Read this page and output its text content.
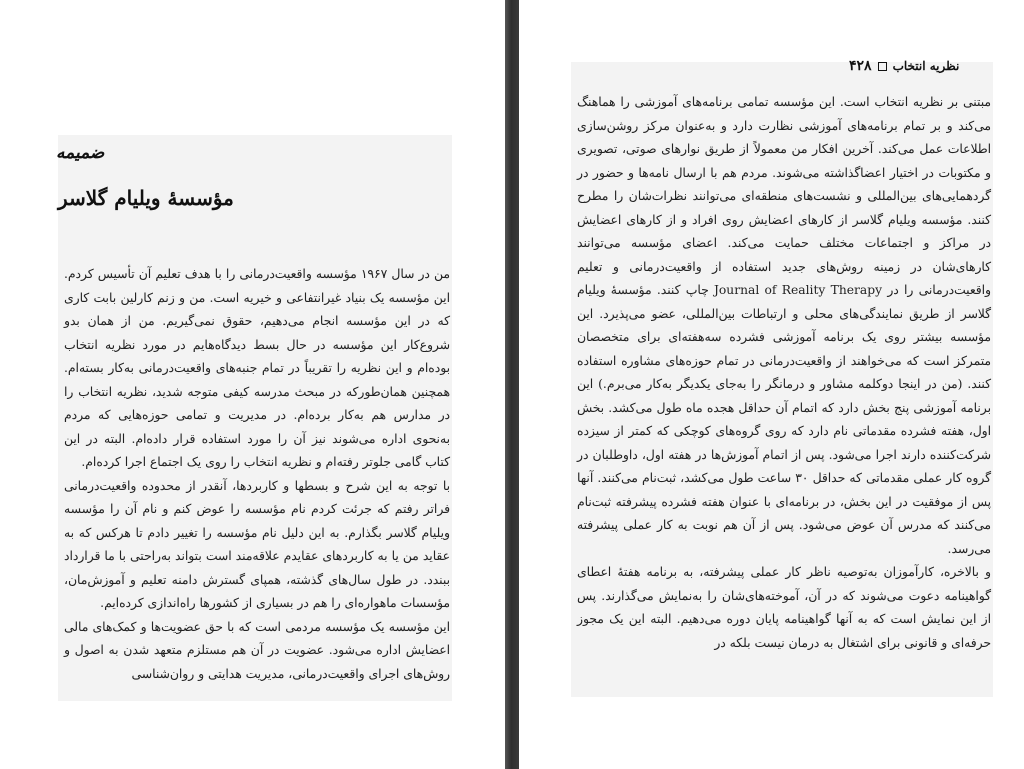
ضمیمه
مؤسسهٔ ویلیام گلاسر

من در سال ۱۹۶۷ مؤسسه واقعیت‌درمانی را با هدف تعلیم آن تأسیس کردم. این مؤسسه یک بنیاد غیرانتفاعی و خیریه است. من و زنم کارلین بابت کاری که در این مؤسسه انجام می‌دهیم، حقوق نمی‌گیریم. من از همان بدو شروع‌کار این مؤسسه در حال بسط دیدگاه‌هایم در مورد نظریه انتخاب بوده‌ام و این نظریه را تقریباً در تمام جنبه‌های واقعیت‌درمانی به‌کار بسته‌ام. همچنین همان‌طورکه در مبحث مدرسه کیفی متوجه شدید، نظریه انتخاب را در مدارس هم به‌کار برده‌ام. در مدیریت و تمامی حوزه‌هایی که مردم به‌نحوی اداره می‌شوند نیز آن را مورد استفاده قرار داده‌ام. البته در این کتاب گامی جلوتر رفته‌ام و نظریه انتخاب را روی یک اجتماع اجرا کرده‌ام.

با توجه به این شرح و بسطها و کاربردها، آنقدر از محدوده واقعیت‌درمانی فراتر رفتم که جرئت کردم نام مؤسسه را عوض کنم و نام آن را مؤسسه ویلیام گلاسر بگذارم. به این دلیل نام مؤسسه را تغییر دادم تا هرکس که به عقاید من یا به کاربردهای عقایدم علاقه‌مند است بتواند به‌راحتی با ما قرارداد ببندد. در طول سال‌های گذشته، همپای گسترش دامنه تعلیم و آموزش‌مان، مؤسسات ماهواره‌ای را هم در بسیاری از کشورها راه‌اندازی کرده‌ایم.

این مؤسسه یک مؤسسه مردمی است که با حق عضویت‌ها و کمک‌های مالی اعضایش اداره می‌شود. عضویت در آن هم مستلزم متعهد شدن به اصول و روش‌های اجرای واقعیت‌درمانی، مدیریت هدایتی و روان‌شناسی

نظریه انتخاب
۴۲۸

مبتنی بر نظریه انتخاب است. این مؤسسه تمامی برنامه‌های آموزشی را هماهنگ می‌کند و بر تمام برنامه‌های آموزشی نظارت دارد و به‌عنوان مرکز روشن‌سازی اطلاعات عمل می‌کند. آخرین افکار من معمولاً از طریق نوارهای صوتی، تصویری و مکتوبات در اختیار اعضاگذاشته می‌شوند. مردم هم با ارسال نامه‌ها و حضور در گردهمایی‌های بین‌المللی و نشست‌های منطقه‌ای می‌توانند نظرات‌شان را مطرح کنند. مؤسسه ویلیام گلاسر از کارهای اعضایش روی افراد و از کارهای اعضایش در مراکز و اجتماعات مختلف حمایت می‌کند. اعضای مؤسسه می‌توانند کارهای‌شان در زمینه روش‌های جدید استفاده از واقعیت‌درمانی و تعلیم واقعیت‌درمانی را در Journal of Reality Therapy چاپ کنند. مؤسسهٔ ویلیام گلاسر از طریق نمایندگی‌های محلی و ارتباطات بین‌المللی، عضو می‌پذیرد. این مؤسسه بیشتر روی یک برنامه آموزشی فشرده سه‌هفته‌ای برای متخصصان متمرکز است که می‌خواهند از واقعیت‌درمانی در تمام حوزه‌های مشاوره استفاده کنند. (من در اینجا دوکلمه مشاور و درمانگر را به‌جای یکدیگر به‌کار می‌برم.) این برنامه آموزشی پنج بخش دارد که اتمام آن حداقل هجده ماه طول می‌کشد. بخش اول، هفته فشرده مقدماتی نام دارد که روی گروه‌های کوچکی که کمتر از سیزده شرکت‌کننده دارند اجرا می‌شود. پس از اتمام آموزش‌ها در هفته اول، داوطلبان در گروه کار عملی مقدماتی که حداقل ۳۰ ساعت طول می‌کشد، ثبت‌نام می‌کنند. آنها پس از موفقیت در این بخش، در برنامه‌ای با عنوان هفته فشرده پیشرفته ثبت‌نام می‌کنند که مدرس آن عوض می‌شود. پس از آن هم نوبت به کار عملی پیشرفته می‌رسد.

و بالاخره، کارآموزان به‌توصیه ناظر کار عملی پیشرفته، به برنامه هفتهٔ اعطای گواهینامه دعوت می‌شوند که در آن، آموخته‌های‌شان را به‌نمایش می‌گذارند. پس از این نمایش است که به آنها گواهینامه پایان دوره می‌دهیم. البته این یک مجوز حرفه‌ای و قانونی برای اشتغال به درمان نیست بلکه در
